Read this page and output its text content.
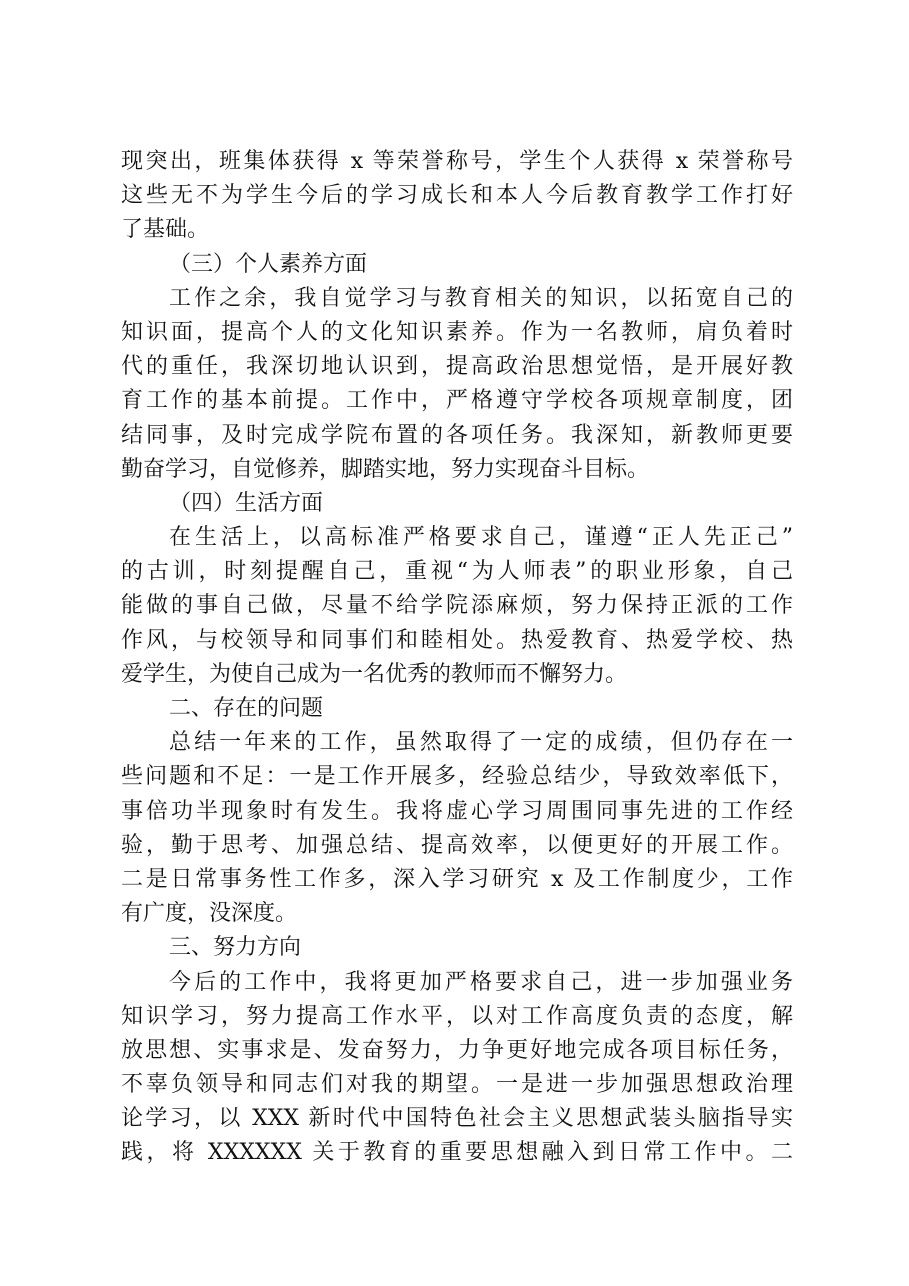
现突出，班集体获得 x 等荣誉称号，学生个人获得 x 荣誉称号
这些无不为学生今后的学习成长和本人今后教育教学工作打好
了基础。
（三）个人素养方面
工作之余，我自觉学习与教育相关的知识，以拓宽自己的
知识面，提高个人的文化知识素养。作为一名教师，肩负着时
代的重任，我深切地认识到，提高政治思想觉悟，是开展好教
育工作的基本前提。工作中，严格遵守学校各项规章制度，团
结同事，及时完成学院布置的各项任务。我深知，新教师更要
勤奋学习，自觉修养，脚踏实地，努力实现奋斗目标。
（四）生活方面
在生活上，以高标准严格要求自己，谨遵“正人先正己”
的古训，时刻提醒自己，重视“为人师表”的职业形象，自己
能做的事自己做，尽量不给学院添麻烦，努力保持正派的工作
作风，与校领导和同事们和睦相处。热爱教育、热爱学校、热
爱学生，为使自己成为一名优秀的教师而不懈努力。
二、存在的问题
总结一年来的工作，虽然取得了一定的成绩，但仍存在一
些问题和不足：一是工作开展多，经验总结少，导致效率低下，
事倍功半现象时有发生。我将虚心学习周围同事先进的工作经
验，勤于思考、加强总结、提高效率，以便更好的开展工作。
二是日常事务性工作多，深入学习研究 x 及工作制度少，工作
有广度，没深度。
三、努力方向
今后的工作中，我将更加严格要求自己，进一步加强业务
知识学习，努力提高工作水平，以对工作高度负责的态度，解
放思想、实事求是、发奋努力，力争更好地完成各项目标任务，
不辜负领导和同志们对我的期望。一是进一步加强思想政治理
论学习，以 XXX 新时代中国特色社会主义思想武装头脑指导实
践，将 XXXXXX 关于教育的重要思想融入到日常工作中。二
